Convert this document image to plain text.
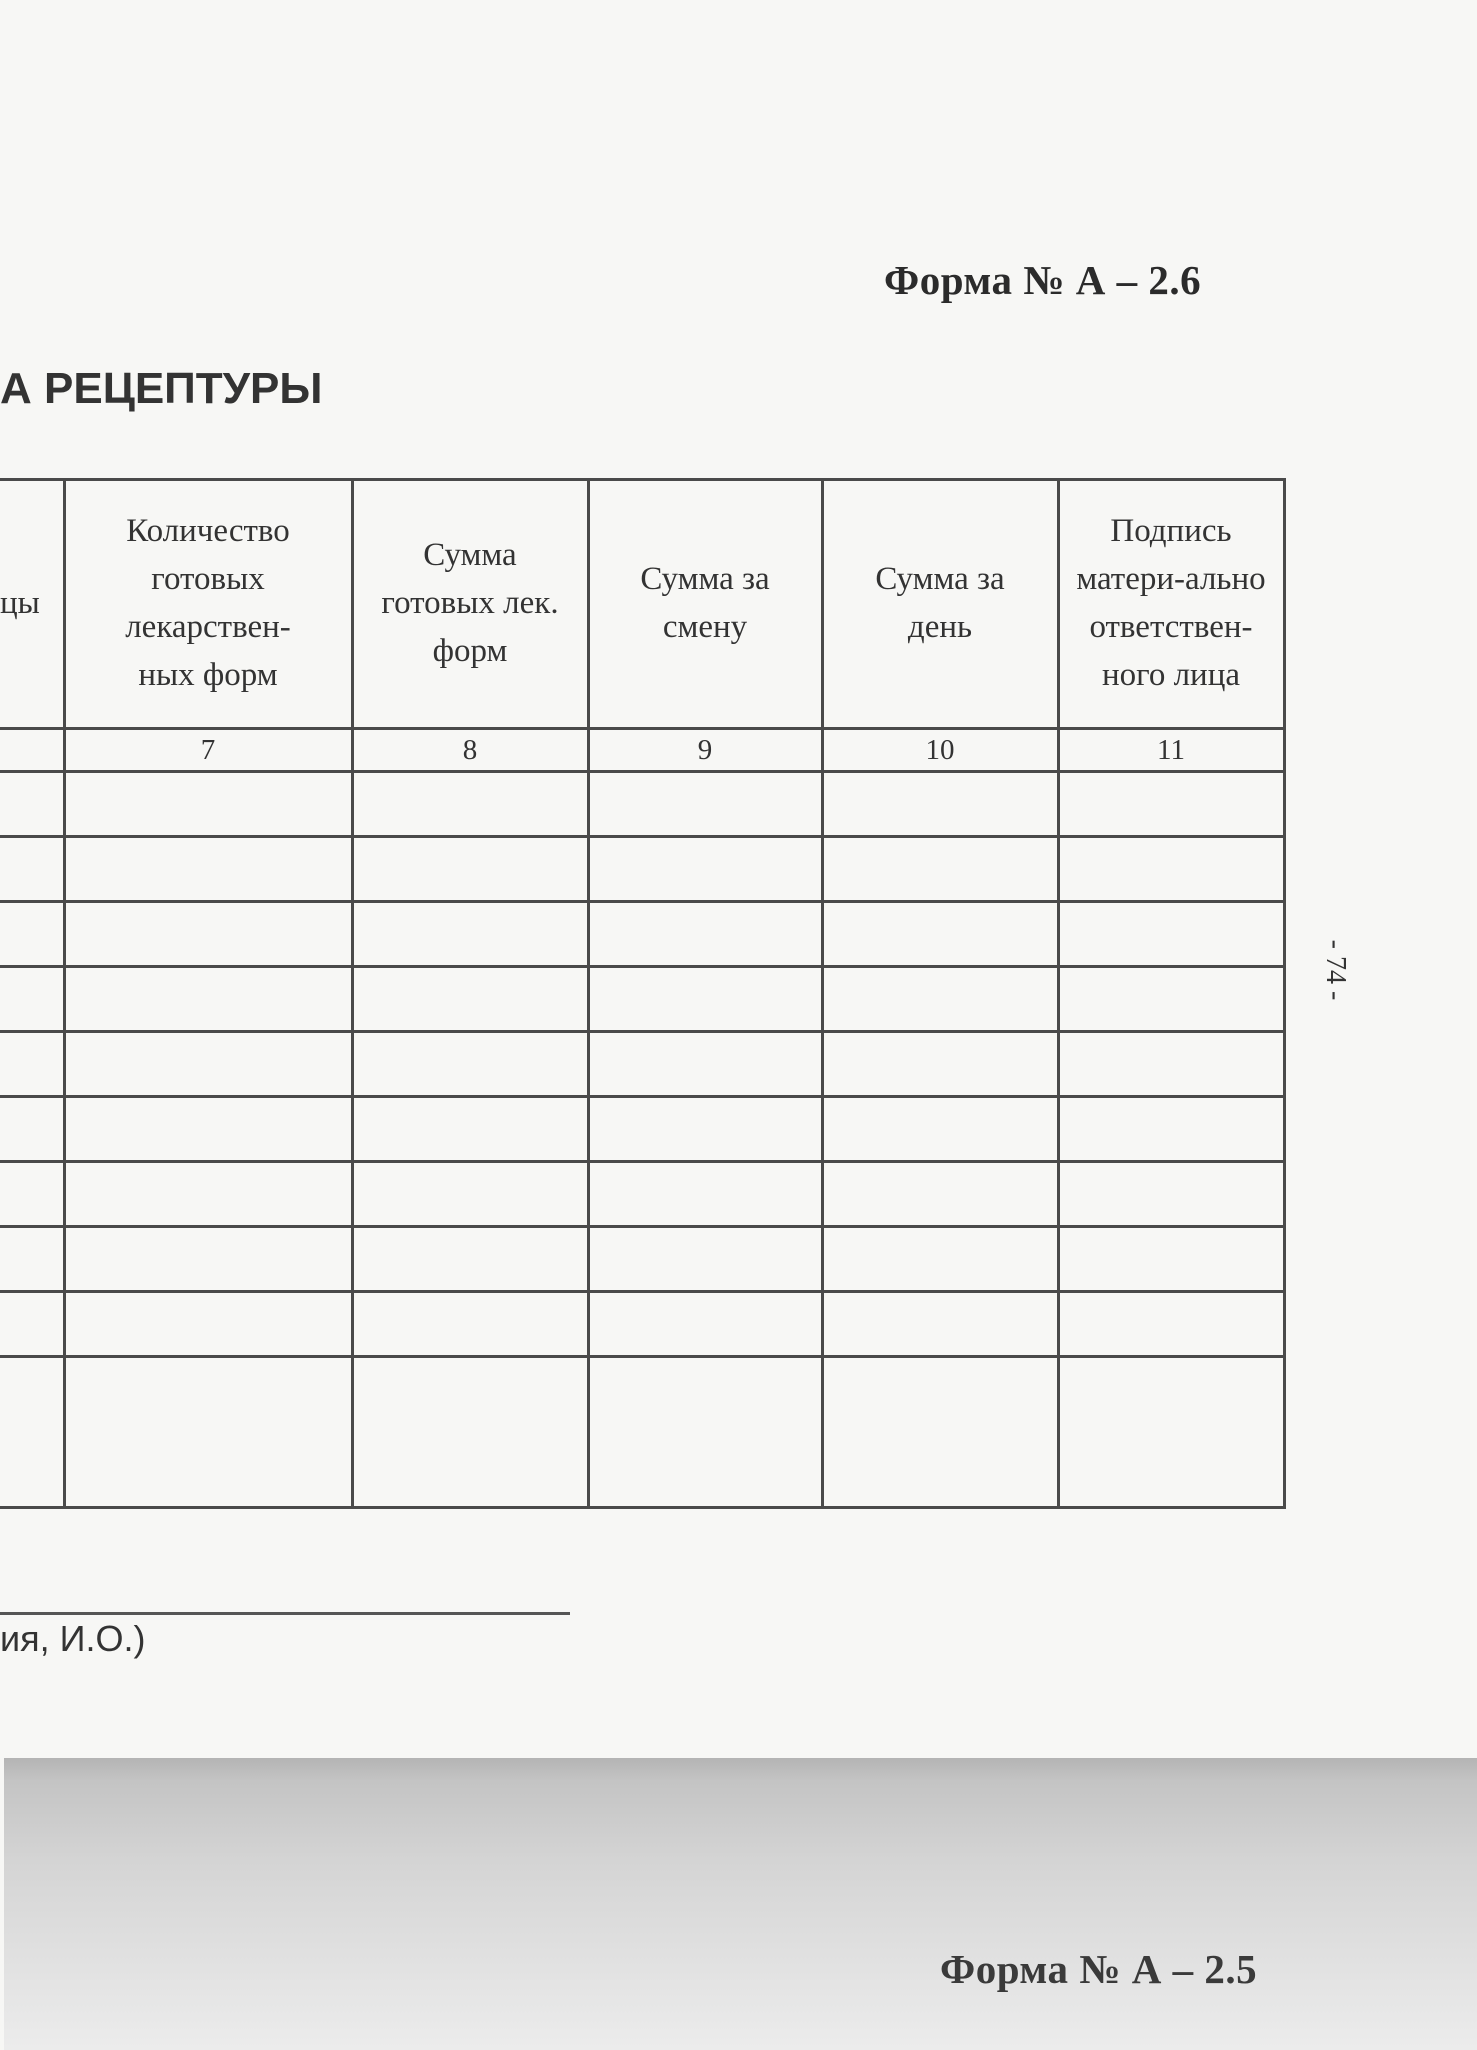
Форма № А – 2.6
А РЕЦЕПТУРЫ
- 74 -
цы	Количество готовых лекарствен-ных форм	Сумма готовых лек. форм	Сумма за смену	Сумма за день	Подпись матери-ально ответствен-ного лица
	7	8	9	10	11

ия, И.О.)
Форма № А – 2.5
